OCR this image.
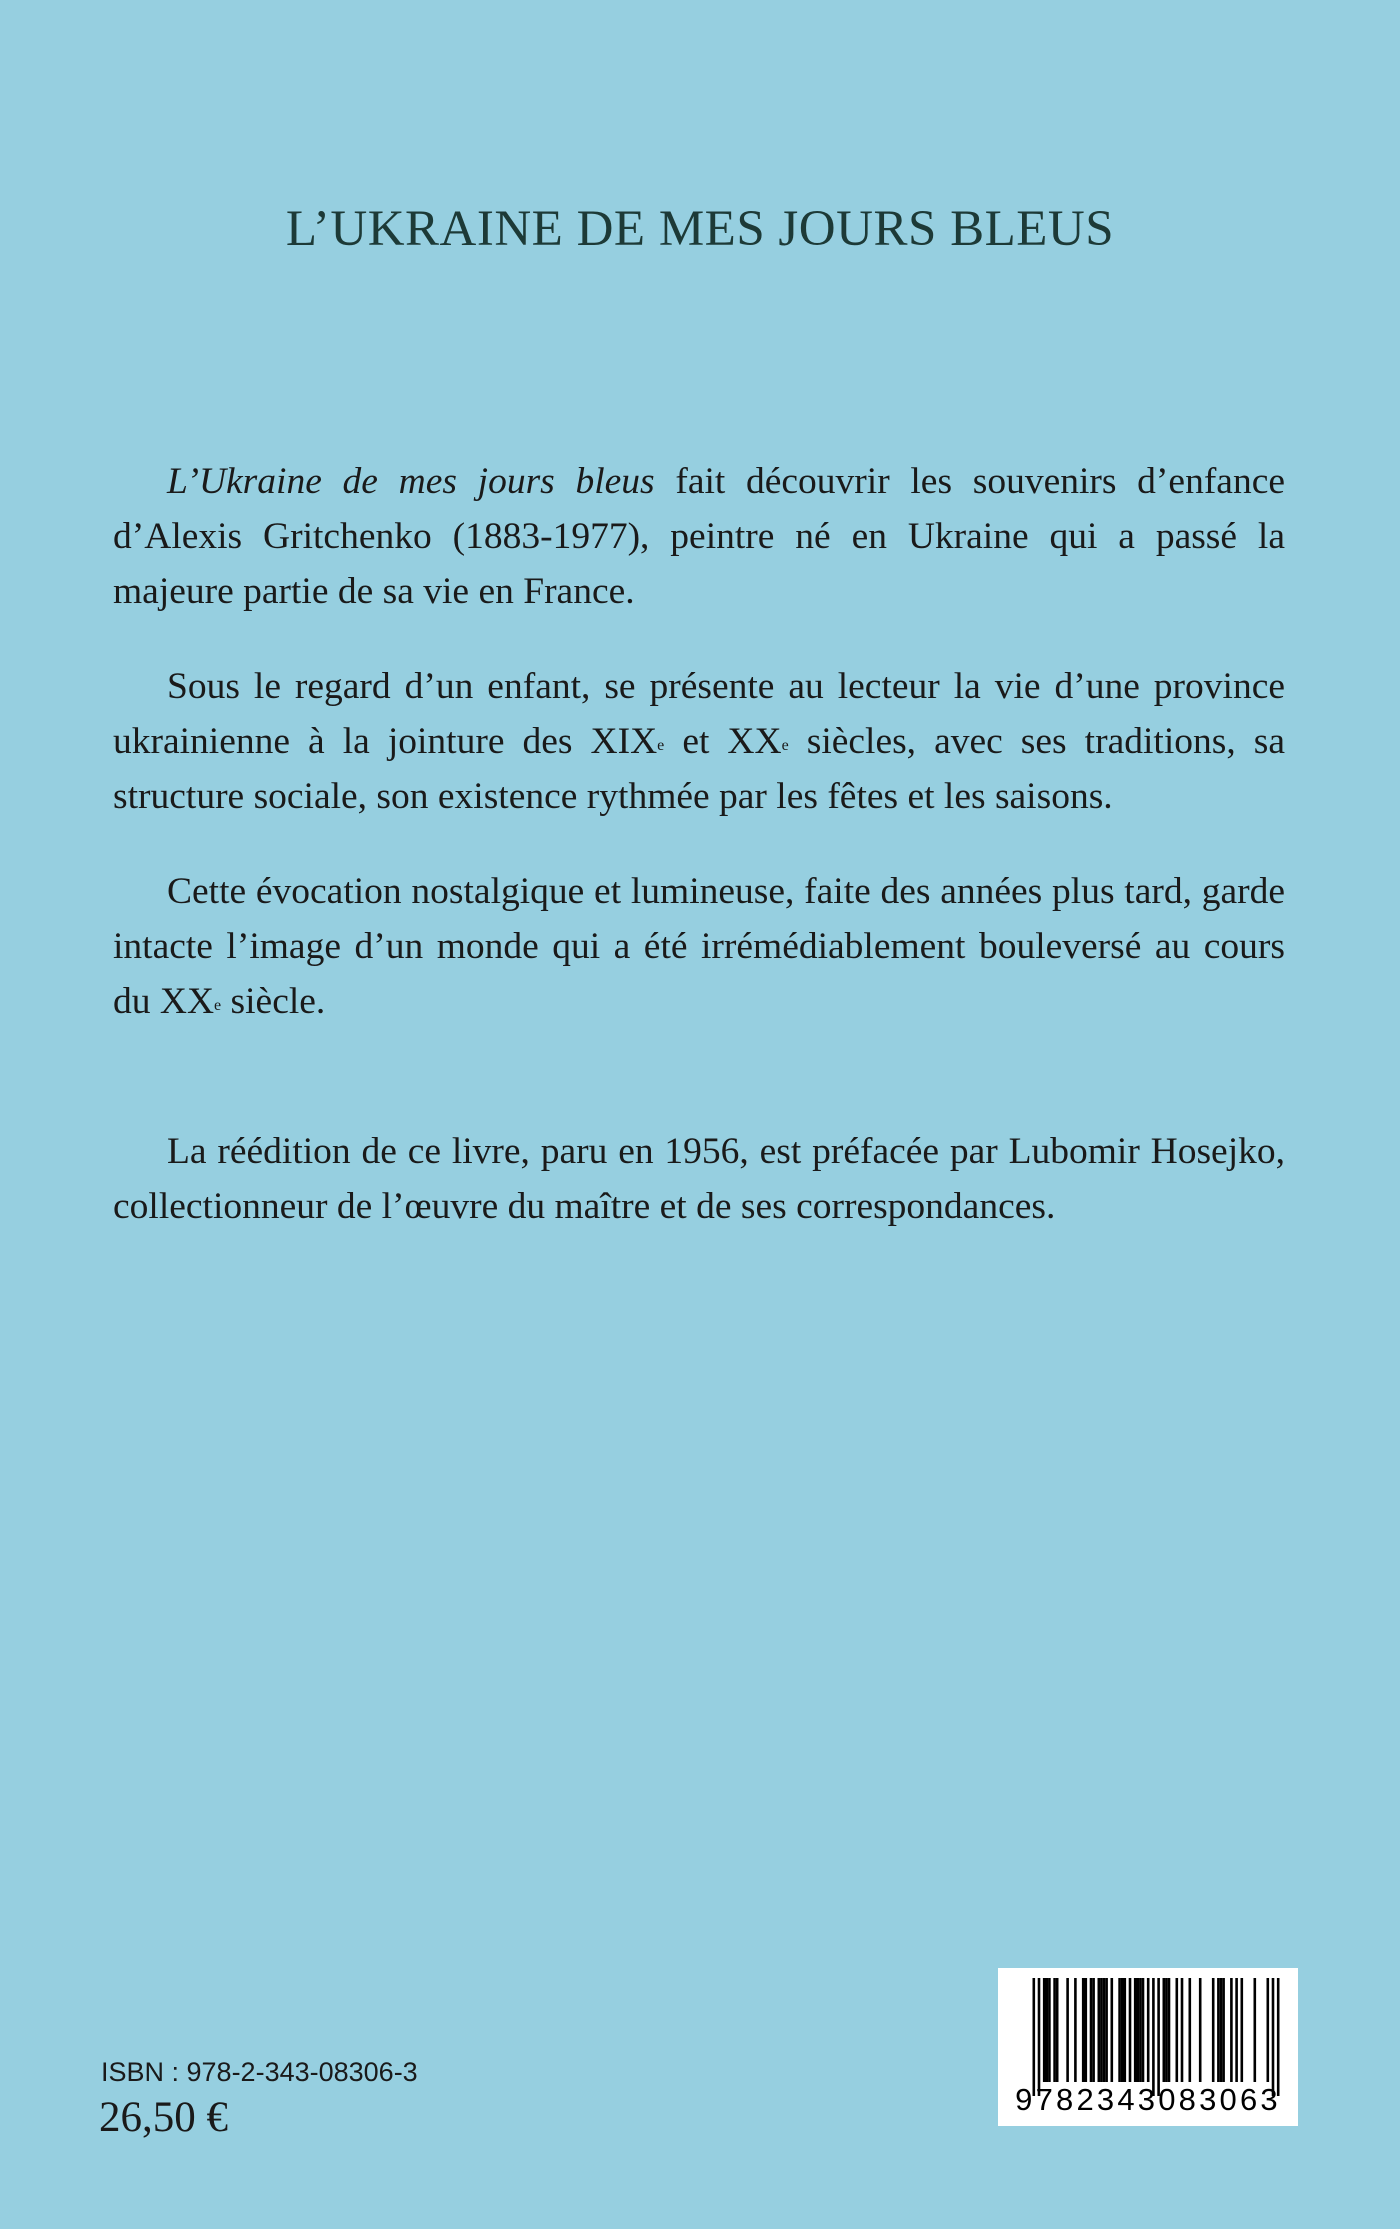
L’UKRAINE DE MES JOURS BLEUS

L’Ukraine de mes jours bleus fait découvrir les souvenirs d’enfance d’Alexis Gritchenko (1883-1977), peintre né en Ukraine qui a passé la majeure partie de sa vie en France.

Sous le regard d’un enfant, se présente au lecteur la vie d’une province ukrainienne à la jointure des XIXe et XXe siècles, avec ses traditions, sa structure sociale, son existence rythmée par les fêtes et les saisons.

Cette évocation nostalgique et lumineuse, faite des années plus tard, garde intacte l’image d’un monde qui a été irrémédiablement bouleversé au cours du XXe siècle.

La réédition de ce livre, paru en 1956, est préfacée par Lubomir Hosejko, collectionneur de l’œuvre du maître et de ses correspondances.

ISBN : 978-2-343-08306-3

26,50 €	9782343083063
